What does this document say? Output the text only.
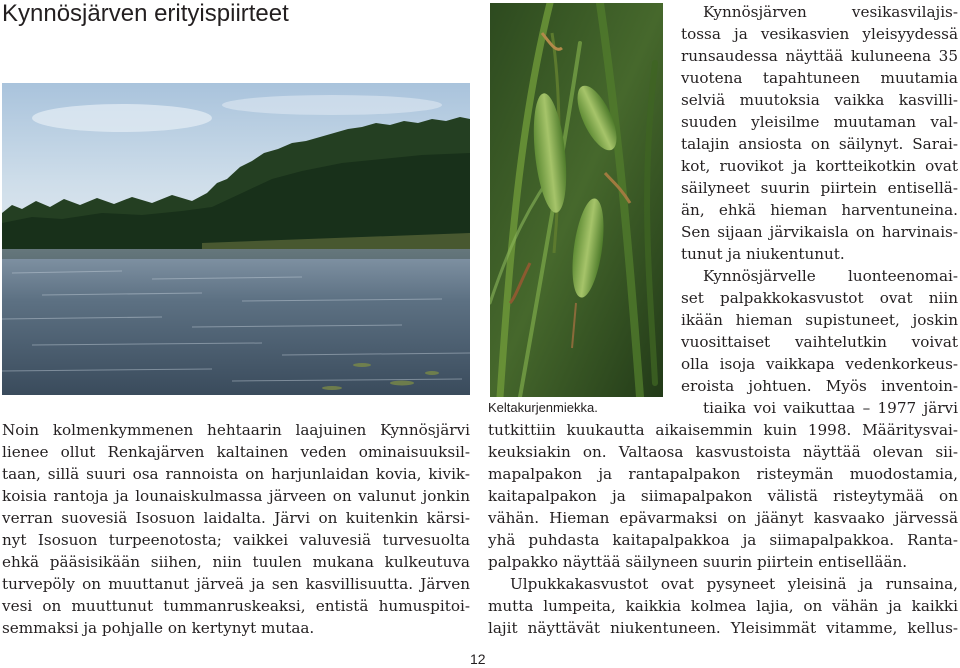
Kynnösjärven erityispiirteet
Keltakurjenmiekka.
Noin kolmenkymmenen hehtaarin laajuinen Kynnösjärvi
lienee ollut Renkajärven kaltainen veden ominaisuuksil-
taan, sillä suuri osa rannoista on harjunlaidan kovia, kivik-
koisia rantoja ja lounaiskulmassa järveen on valunut jonkin
verran suovesiä Isosuon laidalta. Järvi on kuitenkin kärsi-
nyt Isosuon turpeenotosta; vaikkei valuvesiä turvesuolta
ehkä pääsisikään siihen, niin tuulen mukana kulkeutuva
turvepöly on muuttanut järveä ja sen kasvillisuutta. Järven
vesi on muuttunut tummanruskeaksi, entistä humuspitoi-
semmaksi ja pohjalle on kertynyt mutaa.
Kynnösjärven vesikasvilajis-
tossa ja vesikasvien yleisyydessä
runsaudessa näyttää kuluneena 35
vuotena tapahtuneen muutamia
selviä muutoksia vaikka kasvilli-
suuden yleisilme muutaman val-
talajin ansiosta on säilynyt. Sarai-
kot, ruovikot ja kortteikotkin ovat
säilyneet suurin piirtein entisellä-
än, ehkä hieman harventuneina.
Sen sijaan järvikaisla on harvinais-
tunut ja niukentunut.
Kynnösjärvelle luonteenomai-
set palpakkokasvustot ovat niin
ikään hieman supistuneet, joskin
vuosittaiset vaihtelutkin voivat
olla isoja vaikkapa vedenkorkeus-
eroista johtuen. Myös inventoin-
tiaika voi vaikuttaa – 1977 järvi
tutkittiin kuukautta aikaisemmin kuin 1998. Määritysvai-
keuksiakin on. Valtaosa kasvustoista näyttää olevan sii-
mapalpakon ja rantapalpakon risteymän muodostamia,
kaitapalpakon ja siimapalpakon välistä risteytymää on
vähän. Hieman epävarmaksi on jäänyt kasvaako järvessä
yhä puhdasta kaitapalpakkoa ja siimapalpakkoa. Ranta-
palpakko näyttää säilyneen suurin piirtein entisellään.
Ulpukkakasvustot ovat pysyneet yleisinä ja runsaina,
mutta lumpeita, kaikkia kolmea lajia, on vähän ja kaikki
lajit näyttävät niukentuneen. Yleisimmät vitamme, kellus-
12
